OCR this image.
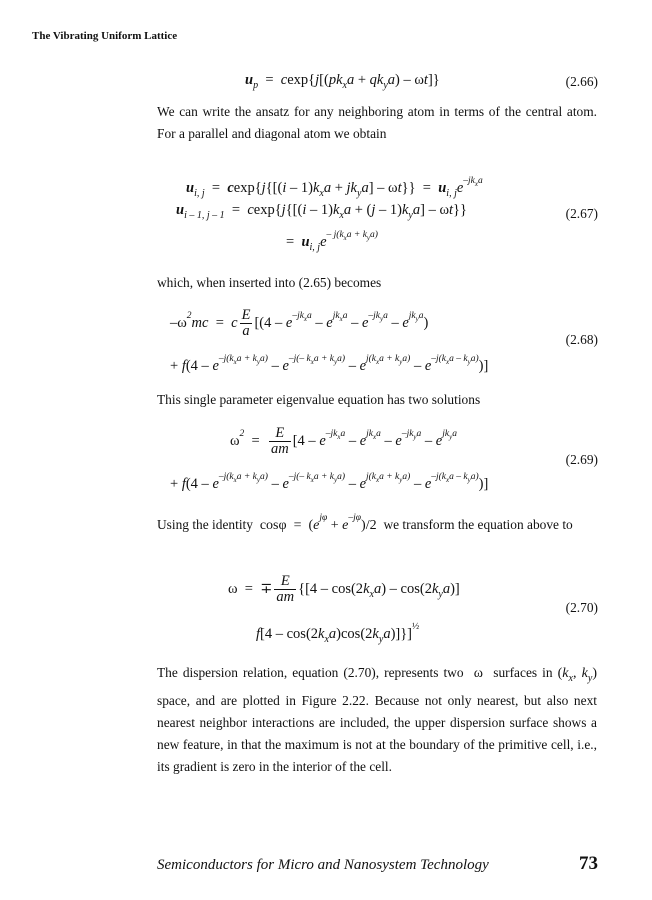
The Vibrating Uniform Lattice
$u_p = cexp\{j[(pk_xa + qk_ya) - \omega t]\}$	(2.66)

We can write the ansatz for any neighboring atom in terms of the central atom. For a parallel and diagonal atom we obtain

$u_{i, j} = cexp\{j\{[(i - 1)k_xa + jk_ya] - \omega t\}\} = u_{i, j}e^{-jk_xa}$
$u_{i - 1, j - 1} = cexp\{j\{[(i - 1)k_xa + (j - 1)k_ya] - \omega t\}\}$
=  $u_{i, j}e^{- j(k_xa + k_ya)}$
(2.67)

which, when inserted into (2.65) becomes

$-\omega^2mc = c \frac{E}{a} [(4 - e^{-jk_xa} - e^{jk_xa} - e^{-jk_ya} - e^{jk_ya})$
+ $f(4 - e^{-j(k_xa + k_ya)} - e^{-j(- k_xa + k_ya)} - e^{j(k_xa + k_ya)} - e^{-j(k_xa - k_ya)})$]
(2.68)

This single parameter eigenvalue equation has two solutions

$\omega^2 = \frac{E}{am} [4 - e^{-jk_xa} - e^{jk_xa} - e^{-jk_ya} - e^{jk_ya}$
+ $f(4 - e^{-j(k_xa + k_ya)} - e^{-j(- k_xa + k_ya)} - e^{j(k_xa + k_ya)} - e^{-j(k_xa - k_ya)})$]
(2.69)
Using the identity  $\cos\varphi = (e^{j\varphi} + e^{-j\varphi})/2$  we transform the equation above to
ω  =  ∓ $\frac{E}{am} \{[4 - \cos(2k_xa) - \cos(2k_ya)]$
$f[4 - \cos(2k_xa)\cos(2k_ya)]\}]^{\frac{1}{2}}$
(2.70)
The dispersion relation, equation (2.70), represents two  ω  surfaces in ($k_x$, $k_y$) space, and are plotted in Figure 2.22. Because not only nearest, but also next nearest neighbor interactions are included, the upper dispersion surface shows a new feature, in that the maximum is not at the boundary of the primitive cell, i.e., its gradient is zero in the interior of the cell.
Semiconductors for Micro and Nanosystem Technology	73
